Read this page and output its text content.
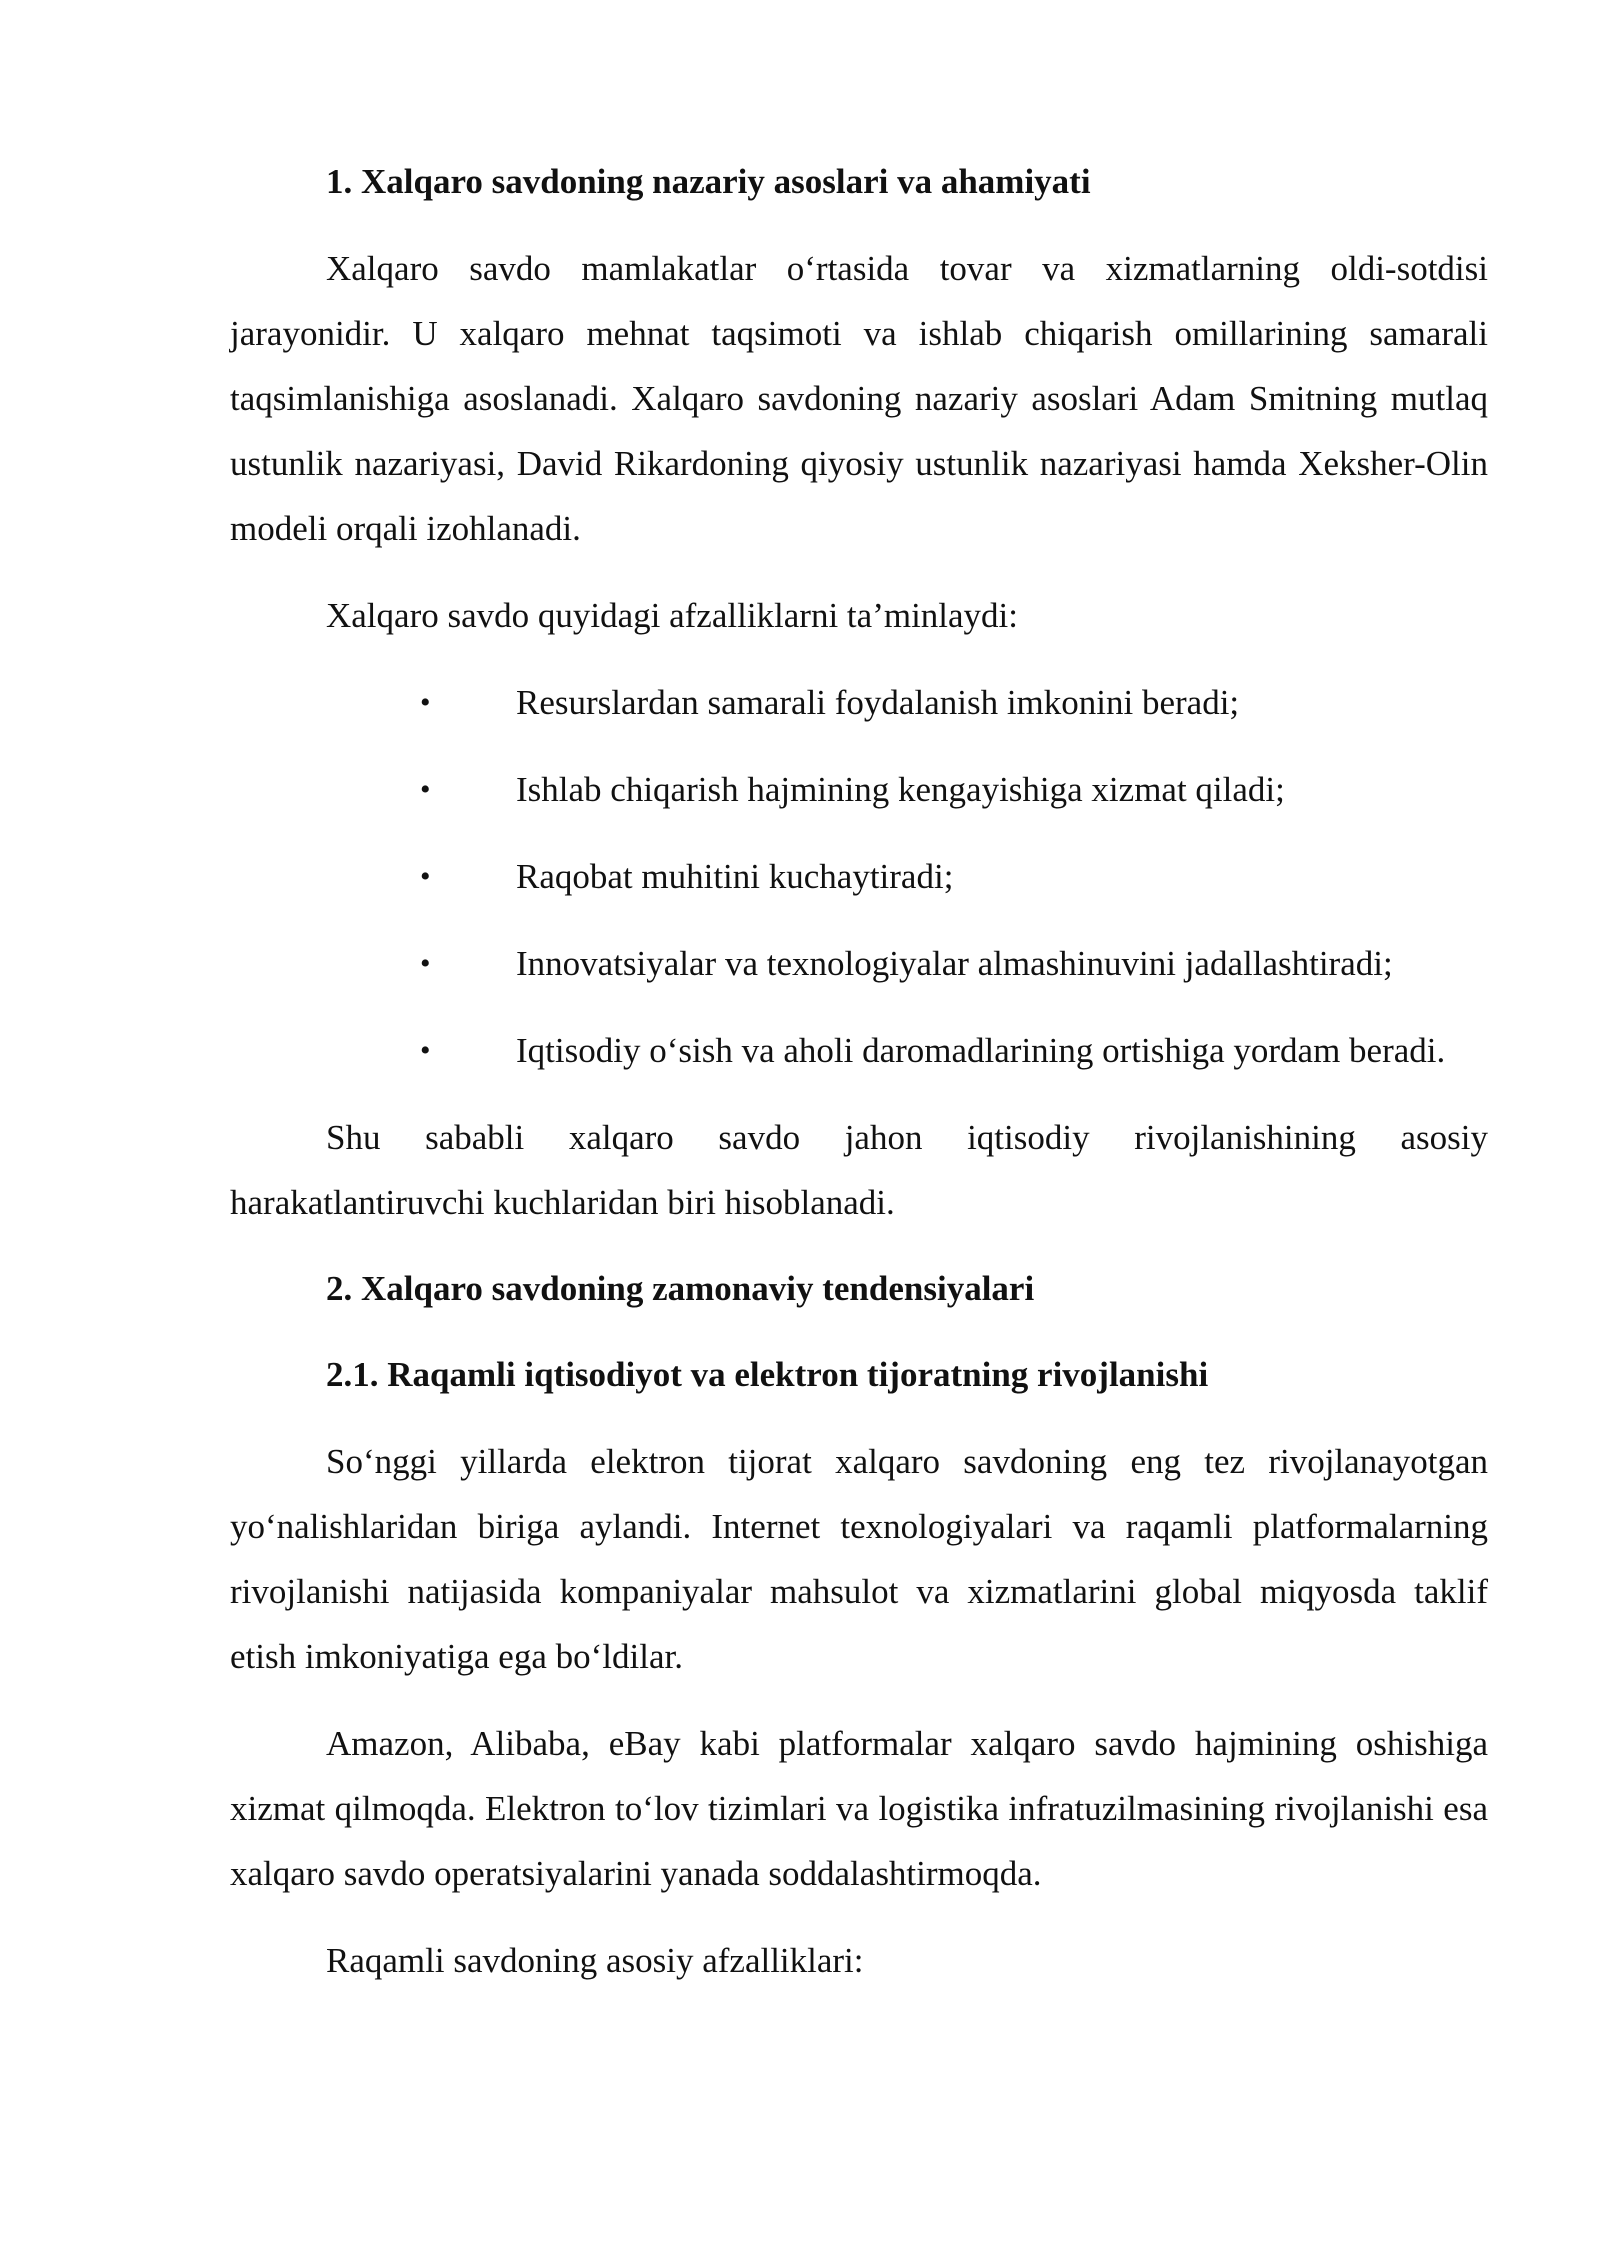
1. Xalqaro savdoning nazariy asoslari va ahamiyati
Xalqaro savdo mamlakatlar o‘rtasida tovar va xizmatlarning oldi-sotdisi jarayonidir. U xalqaro mehnat taqsimoti va ishlab chiqarish omillarining samarali taqsimlanishiga asoslanadi. Xalqaro savdoning nazariy asoslari Adam Smitning mutlaq ustunlik nazariyasi, David Rikardoning qiyosiy ustunlik nazariyasi hamda Xeksher-Olin modeli orqali izohlanadi.
Xalqaro savdo quyidagi afzalliklarni ta’minlaydi:
• Resurslardan samarali foydalanish imkonini beradi;
• Ishlab chiqarish hajmining kengayishiga xizmat qiladi;
• Raqobat muhitini kuchaytiradi;
• Innovatsiyalar va texnologiyalar almashinuvini jadallashtiradi;
• Iqtisodiy o‘sish va aholi daromadlarining ortishiga yordam beradi.
Shu sababli xalqaro savdo jahon iqtisodiy rivojlanishining asosiy harakatlantiruvchi kuchlaridan biri hisoblanadi.
2. Xalqaro savdoning zamonaviy tendensiyalari
2.1. Raqamli iqtisodiyot va elektron tijoratning rivojlanishi
So‘nggi yillarda elektron tijorat xalqaro savdoning eng tez rivojlanayotgan yo‘nalishlaridan biriga aylandi. Internet texnologiyalari va raqamli platformalarning rivojlanishi natijasida kompaniyalar mahsulot va xizmatlarini global miqyosda taklif etish imkoniyatiga ega bo‘ldilar.
Amazon, Alibaba, eBay kabi platformalar xalqaro savdo hajmining oshishiga xizmat qilmoqda. Elektron to‘lov tizimlari va logistika infratuzilmasining rivojlanishi esa xalqaro savdo operatsiyalarini yanada soddalashtirmoqda.
Raqamli savdoning asosiy afzalliklari:
